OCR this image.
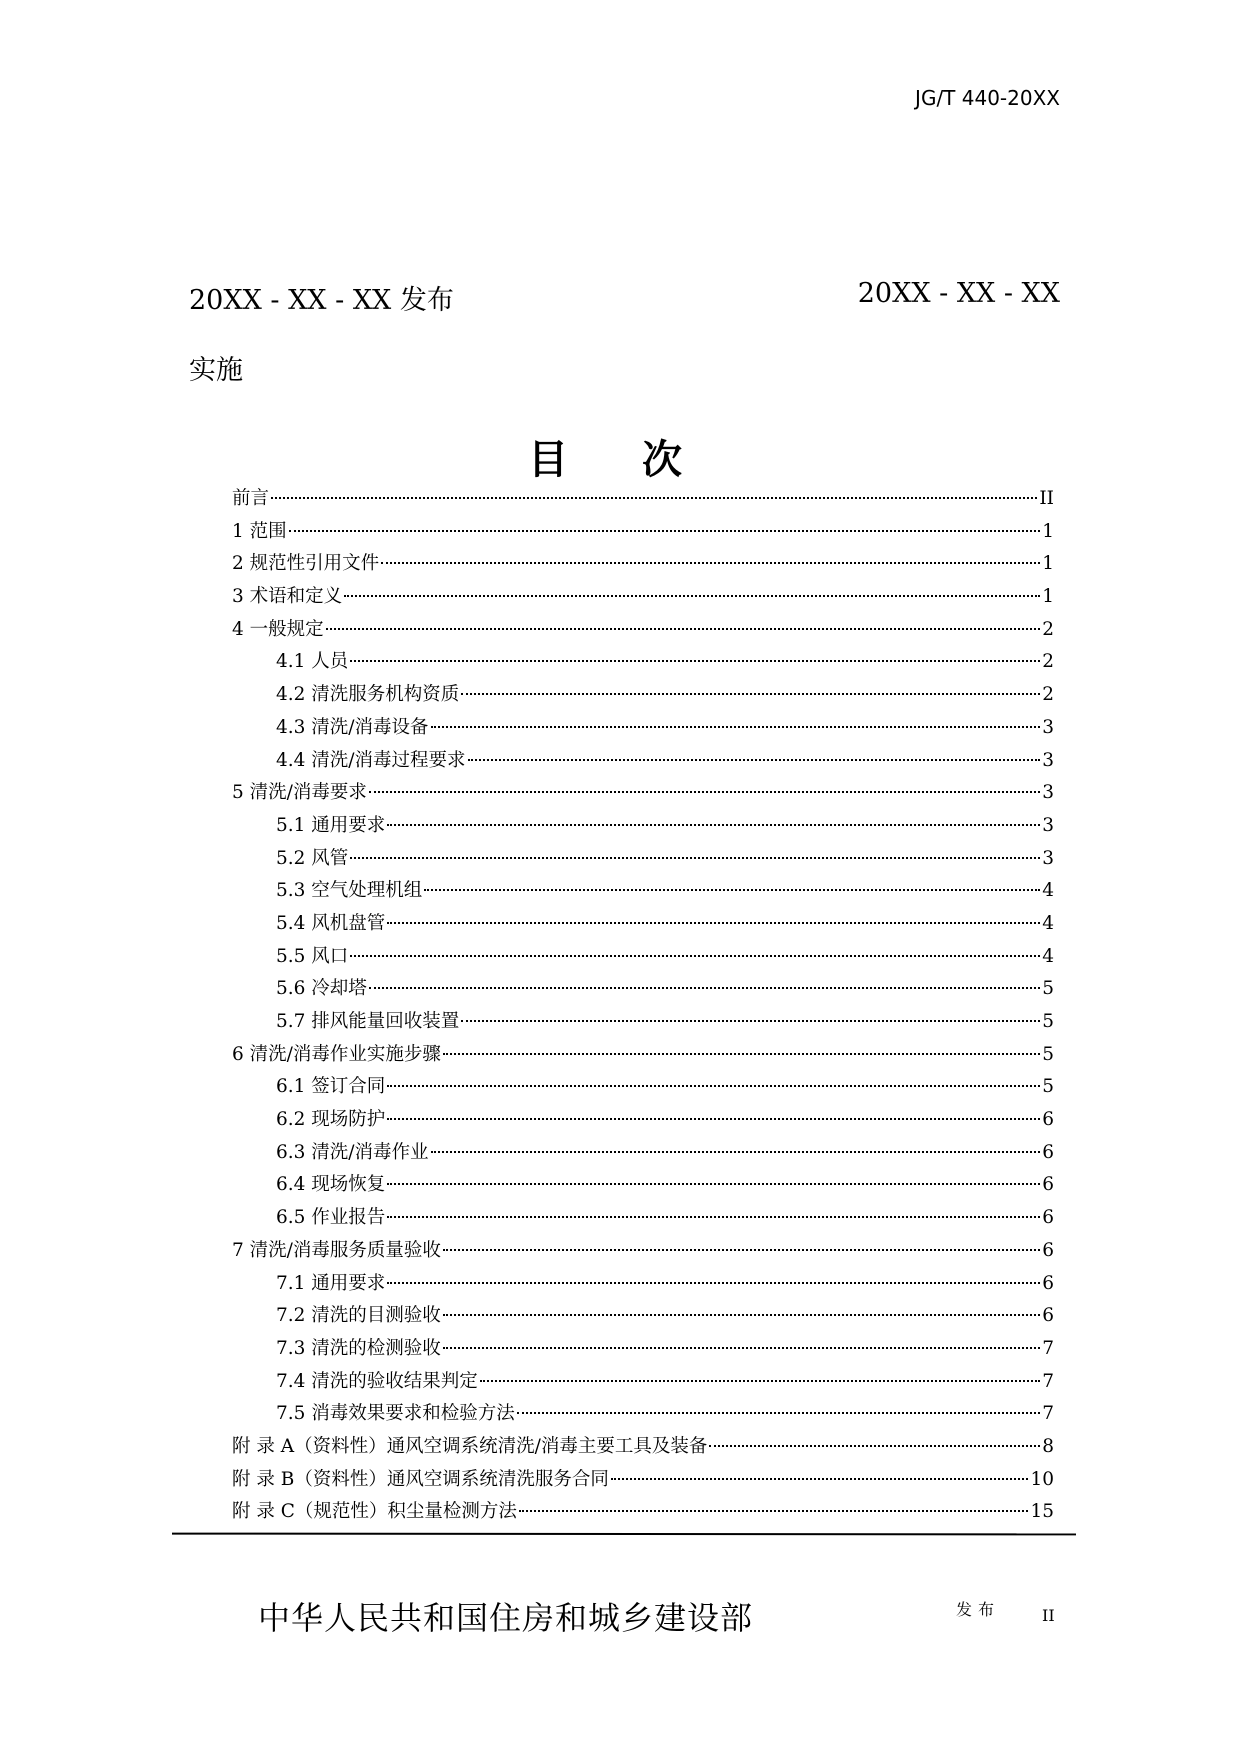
JG/T 440-20XX
20XX - XX - XX 发布	20XX - XX - XX
实施
目 次
前言	II
1 范围	1
2 规范性引用文件	1
3 术语和定义	1
4 一般规定	2
4.1 人员	2
4.2 清洗服务机构资质	2
4.3 清洗/消毒设备	3
4.4 清洗/消毒过程要求	3
5 清洗/消毒要求	3
5.1 通用要求	3
5.2 风管	3
5.3 空气处理机组	4
5.4 风机盘管	4
5.5 风口	4
5.6 冷却塔	5
5.7 排风能量回收装置	5
6 清洗/消毒作业实施步骤	5
6.1 签订合同	5
6.2 现场防护	6
6.3 清洗/消毒作业	6
6.4 现场恢复	6
6.5 作业报告	6
7 清洗/消毒服务质量验收	6
7.1 通用要求	6
7.2 清洗的目测验收	6
7.3 清洗的检测验收	7
7.4 清洗的验收结果判定	7
7.5 消毒效果要求和检验方法	7
附 录 A（资料性）通风空调系统清洗/消毒主要工具及装备	8
附 录 B（资料性）通风空调系统清洗服务合同	10
附 录 C（规范性）积尘量检测方法	15
中华人民共和国住房和城乡建设部	发布	II
